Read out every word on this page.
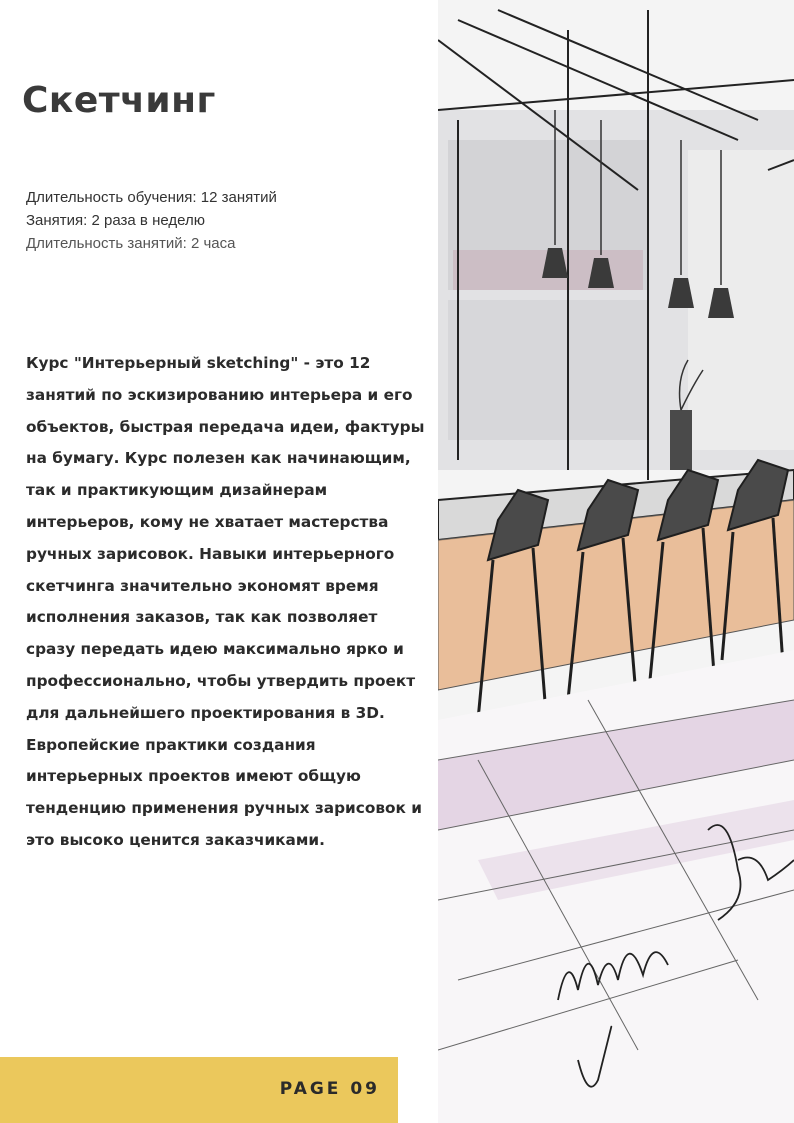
Скетчинг
Длительность обучения: 12 занятий
Занятия: 2 раза в неделю
Длительность занятий: 2 часа
Курс "Интерьерный sketching" - это 12 занятий по эскизированию интерьера и его объектов, быстрая передача идеи, фактуры на бумагу. Курс полезен как начинающим, так и практикующим дизайнерам интерьеров, кому не хватает мастерства ручных зарисовок. Навыки интерьерного скетчинга значительно экономят время исполнения заказов, так как позволяет сразу передать идею максимально ярко и профессионально, чтобы утвердить проект для дальнейшего проектирования в 3D. Европейские практики создания интерьерных проектов имеют общую тенденцию применения ручных зарисовок и это высоко ценится заказчиками.
PAGE 09
